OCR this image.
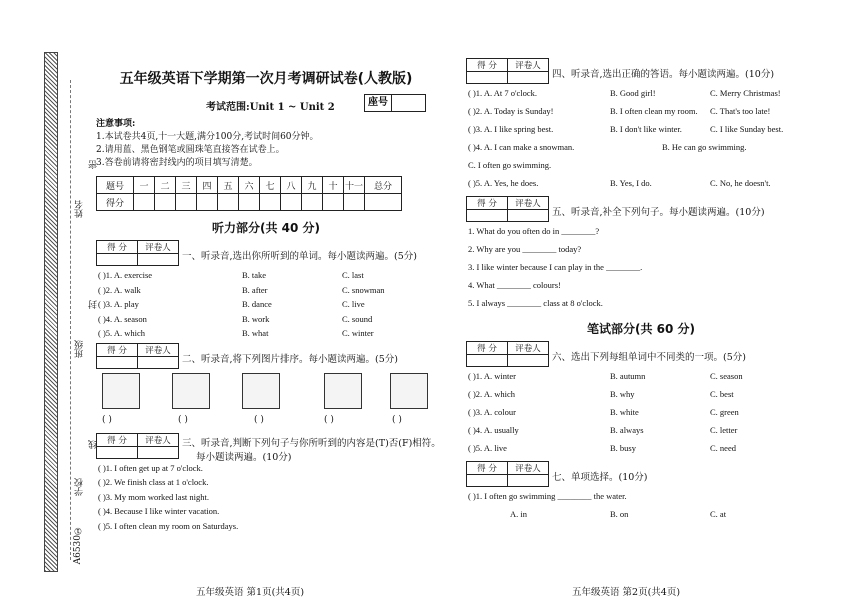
姓名
班级
学校
A6530①
密
封
线
五年级英语下学期第一次月考调研试卷(人教版)
考试范围:Unit 1 ~ Unit 2	座号
注意事项:
1.本试卷共4页,十一大题,满分100分,考试时间60分钟。
2.请用蓝、黑色钢笔或圆珠笔直接答在试卷上。
3.答卷前请将密封线内的项目填写清楚。
题号	一	二	三	四	五	六	七	八	九	十	十一	总分
得分												
听力部分(共 40 分)
得 分	评卷人

一、听录音,选出你所听到的单词。每小题读两遍。(5分)
( )1. A. exercise	B. take	C. last
( )2. A. walk	B. after	C. snowman
( )3. A. play	B. dance	C. live
( )4. A. season	B. work	C. sound
( )5. A. which	B. what	C. winter
得 分	评卷人

二、听录音,将下列图片排序。每小题读两遍。(5分)
( )	( )	( )	( )	( )
得 分	评卷人
	三、听录音,判断下列句子与你所听到的内容是(T)否(F)相符。
每小题读两遍。(10分)
( )1. I often get up at 7 o'clock.
( )2. We finish class at 1 o'clock.
( )3. My mom worked last night.
( )4. Because I like winter vacation.
( )5. I often clean my room on Saturdays.
得 分	评卷人

四、听录音,选出正确的答语。每小题读两遍。(10分)
( )1. A. At 7 o'clock.	B. Good girl!	C. Merry Christmas!
( )2. A. Today is Sunday!	B. I often clean my room. C. That's too late!
( )3. A. I like spring best.	B. I don't like winter.	C. I like Sunday best.
( )4. A. I can make a snowman.	B. He can go swimming.
C. I often go swimming.
( )5. A. Yes, he does.	B. Yes, I do.	C. No, he doesn't.
得 分	评卷人

五、听录音,补全下列句子。每小题读两遍。(10分)
1. What do you often do in ________?
2. Why are you ________ today?
3. I like winter because I can play in the ________.
4. What ________ colours!
5. I always ________ class at 8 o'clock.
笔试部分(共 60 分)
得 分	评卷人

六、选出下列每组单词中不同类的一项。(5分)
( )1. A. winter	B. autumn	C. season
( )2. A. which	B. why	C. best
( )3. A. colour	B. white	C. green
( )4. A. usually	B. always	C. letter
( )5. A. live	B. busy	C. need
得 分	评卷人

七、单项选择。(10分)
( )1. I often go swimming ________ the water.
A. in	B. on	C. at
五年级英语 第1页(共4页)	五年级英语 第2页(共4页)
